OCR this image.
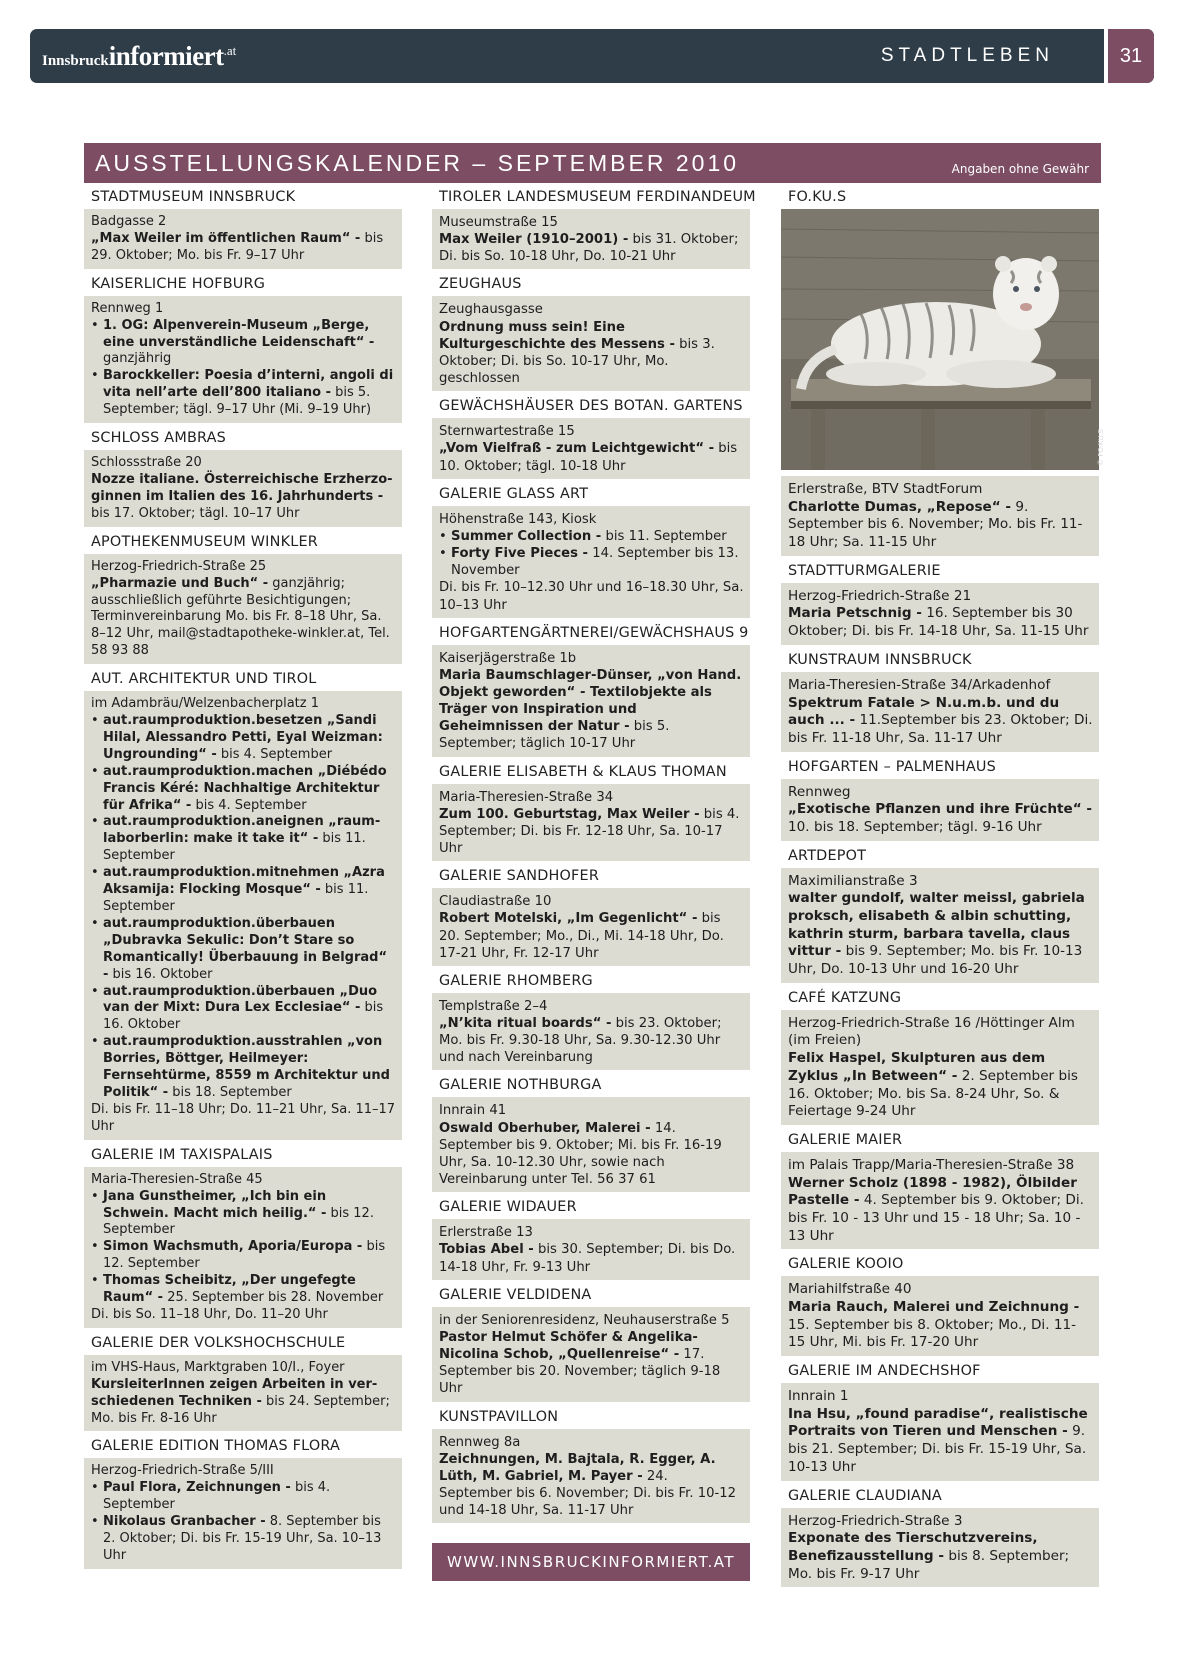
Innsbruckinformiert$^{.at}$	STADTLEBEN	31
AUSSTELLUNGSKALENDER – SEPTEMBER 2010	Angaben ohne Gewähr
STADTMUSEUM INNSBRUCK
Badgasse 2
„Max Weiler im öffentlichen Raum“ - bis 29. Oktober; Mo. bis Fr. 9–17 Uhr
KAISERLICHE HOFBURG
Rennweg 1
• 1. OG: Alpenverein-Museum „Berge, eine unverständliche Leidenschaft“ - ganzjährig
• Barockkeller: Poesia d’interni, angoli di vita nell’arte dell’800 italiano - bis 5. September; tägl. 9–17 Uhr (Mi. 9–19 Uhr)
SCHLOSS AMBRAS
Schlossstraße 20
Nozze italiane. Österreichische Erzherzoginnen im Italien des 16. Jahrhunderts - bis 17. Oktober; tägl. 10–17 Uhr
APOTHEKENMUSEUM WINKLER
Herzog-Friedrich-Straße 25
„Pharmazie und Buch“ - ganzjährig; ausschließlich geführte Besichtigungen; Terminvereinbarung Mo. bis Fr. 8–18 Uhr, Sa. 8–12 Uhr, mail@stadtapotheke-winkler.at, Tel. 58 93 88
AUT. ARCHITEKTUR UND TIROL
im Adambräu/Welzenbacherplatz 1
• aut.raumproduktion.besetzen „Sandi Hilal, Alessandro Petti, Eyal Weizman: Ungrounding“ - bis 4. September
• aut.raumproduktion.machen „Diébédo Francis Kéré: Nachhaltige Architektur für Afrika“ - bis 4. September
• aut.raumproduktion.aneignen „raumlaborberlin: make it take it“ - bis 11. September
• aut.raumproduktion.mitnehmen „Azra Aksamija: Flocking Mosque“ - bis 11. September
• aut.raumproduktion.überbauen „Dubravka Sekulic: Don’t Stare so Romantically! Überbauung in Belgrad“ - bis 16. Oktober
• aut.raumproduktion.überbauen „Duo van der Mixt: Dura Lex Ecclesiae“ - bis 16. Oktober
• aut.raumproduktion.ausstrahlen „von Borries, Böttger, Heilmeyer: Fernsehtürme, 8559 m Architektur und Politik“ - bis 18. September
Di. bis Fr. 11–18 Uhr; Do. 11–21 Uhr, Sa. 11–17 Uhr
GALERIE IM TAXISPALAIS
Maria-Theresien-Straße 45
• Jana Gunstheimer, „Ich bin ein Schwein. Macht mich heilig.“ - bis 12. September
• Simon Wachsmuth, Aporia/Europa - bis 12. September
• Thomas Scheibitz, „Der ungefegte Raum“ - 25. September bis 28. November
Di. bis So. 11–18 Uhr, Do. 11–20 Uhr
GALERIE DER VOLKSHOCHSCHULE
im VHS-Haus, Marktgraben 10/I., Foyer
KursleiterInnen zeigen Arbeiten in verschiedenen Techniken - bis 24. September; Mo. bis Fr. 8-16 Uhr
GALERIE EDITION THOMAS FLORA
Herzog-Friedrich-Straße 5/III
• Paul Flora, Zeichnungen - bis 4. September
• Nikolaus Granbacher - 8. September bis 2. Oktober; Di. bis Fr. 15-19 Uhr, Sa. 10–13 Uhr
TIROLER LANDESMUSEUM FERDINANDEUM
Museumstraße 15
Max Weiler (1910–2001) - bis 31. Oktober; Di. bis So. 10-18 Uhr, Do. 10-21 Uhr
ZEUGHAUS
Zeughausgasse
Ordnung muss sein! Eine Kulturgeschichte des Messens - bis 3. Oktober; Di. bis So. 10-17 Uhr, Mo. geschlossen
GEWÄCHSHÄUSER DES BOTAN. GARTENS
Sternwartestraße 15
„Vom Vielfraß - zum Leichtgewicht“ - bis 10. Oktober; tägl. 10-18 Uhr
GALERIE GLASS ART
Höhenstraße 143, Kiosk
• Summer Collection - bis 11. September
• Forty Five Pieces - 14. September bis 13. November
Di. bis Fr. 10–12.30 Uhr und 16–18.30 Uhr, Sa. 10–13 Uhr
HOFGARTENGÄRTNEREI/GEWÄCHSHAUS 9
Kaiserjägerstraße 1b
Maria Baumschlager-Dünser, „von Hand. Objekt geworden“ - Textilobjekte als Träger von Inspiration und Geheimnissen der Natur - bis 5. September; täglich 10-17 Uhr
GALERIE ELISABETH & KLAUS THOMAN
Maria-Theresien-Straße 34
Zum 100. Geburtstag, Max Weiler - bis 4. September; Di. bis Fr. 12-18 Uhr, Sa. 10-17 Uhr
GALERIE SANDHOFER
Claudiastraße 10
Robert Motelski, „Im Gegenlicht“ - bis 20. September; Mo., Di., Mi. 14-18 Uhr, Do. 17-21 Uhr, Fr. 12-17 Uhr
GALERIE RHOMBERG
Templstraße 2–4
„N’kita ritual boards“ - bis 23. Oktober; Mo. bis Fr. 9.30-18 Uhr, Sa. 9.30-12.30 Uhr und nach Vereinbarung
GALERIE NOTHBURGA
Innrain 41
Oswald Oberhuber, Malerei - 14. September bis 9. Oktober; Mi. bis Fr. 16-19 Uhr, Sa. 10-12.30 Uhr, sowie nach Vereinbarung unter Tel. 56 37 61
GALERIE WIDAUER
Erlerstraße 13
Tobias Abel - bis 30. September; Di. bis Do. 14-18 Uhr, Fr. 9-13 Uhr
GALERIE VELDIDENA
in der Seniorenresidenz, Neuhauserstraße 5
Pastor Helmut Schöfer & Angelika-Nicolina Schob, „Quellenreise“ - 17. September bis 20. November; täglich 9-18 Uhr
KUNSTPAVILLON
Rennweg 8a
Zeichnungen, M. Bajtala, R. Egger, A. Lüth, M. Gabriel, M. Payer - 24. September bis 6. November; Di. bis Fr. 10-12 und 14-18 Uhr, Sa. 11-17 Uhr
FO.KU.S
© FO.KU.S
Erlerstraße, BTV StadtForum
Charlotte Dumas, „Repose“ - 9. September bis 6. November; Mo. bis Fr. 11-18 Uhr; Sa. 11-15 Uhr
STADTTURMGALERIE
Herzog-Friedrich-Straße 21
Maria Petschnig - 16. September bis 30 Oktober; Di. bis Fr. 14-18 Uhr, Sa. 11-15 Uhr
KUNSTRAUM INNSBRUCK
Maria-Theresien-Straße 34/Arkadenhof
Spektrum Fatale > N.u.m.b. und du auch ... - 11.September bis 23. Oktober; Di. bis Fr. 11-18 Uhr, Sa. 11-17 Uhr
HOFGARTEN – PALMENHAUS
Rennweg
„Exotische Pflanzen und ihre Früchte“ - 10. bis 18. September; tägl. 9-16 Uhr
ARTDEPOT
Maximilianstraße 3
walter gundolf, walter meissl, gabriela proksch, elisabeth & albin schutting, kathrin sturm, barbara tavella, claus vittur - bis 9. September; Mo. bis Fr. 10-13 Uhr, Do. 10-13 Uhr und 16-20 Uhr
CAFÉ KATZUNG
Herzog-Friedrich-Straße 16 /Höttinger Alm (im Freien)
Felix Haspel, Skulpturen aus dem Zyklus „In Between“ - 2. September bis 16. Oktober; Mo. bis Sa. 8-24 Uhr, So. & Feiertage 9-24 Uhr
GALERIE MAIER
im Palais Trapp/Maria-Theresien-Straße 38
Werner Scholz (1898 - 1982), Ölbilder Pastelle - 4. September bis 9. Oktober; Di. bis Fr. 10 - 13 Uhr und 15 - 18 Uhr; Sa. 10 - 13 Uhr
GALERIE KOOIO
Mariahilfstraße 40
Maria Rauch, Malerei und Zeichnung - 15. September bis 8. Oktober; Mo., Di. 11-15 Uhr, Mi. bis Fr. 17-20 Uhr
GALERIE IM ANDECHSHOF
Innrain 1
Ina Hsu, „found paradise“, realistische Portraits von Tieren und Menschen - 9. bis 21. September; Di. bis Fr. 15-19 Uhr, Sa. 10-13 Uhr
GALERIE CLAUDIANA
Herzog-Friedrich-Straße 3
Exponate des Tierschutzvereins, Benefizausstellung - bis 8. September; Mo. bis Fr. 9-17 Uhr
WWW.INNSBRUCKINFORMIERT.AT
